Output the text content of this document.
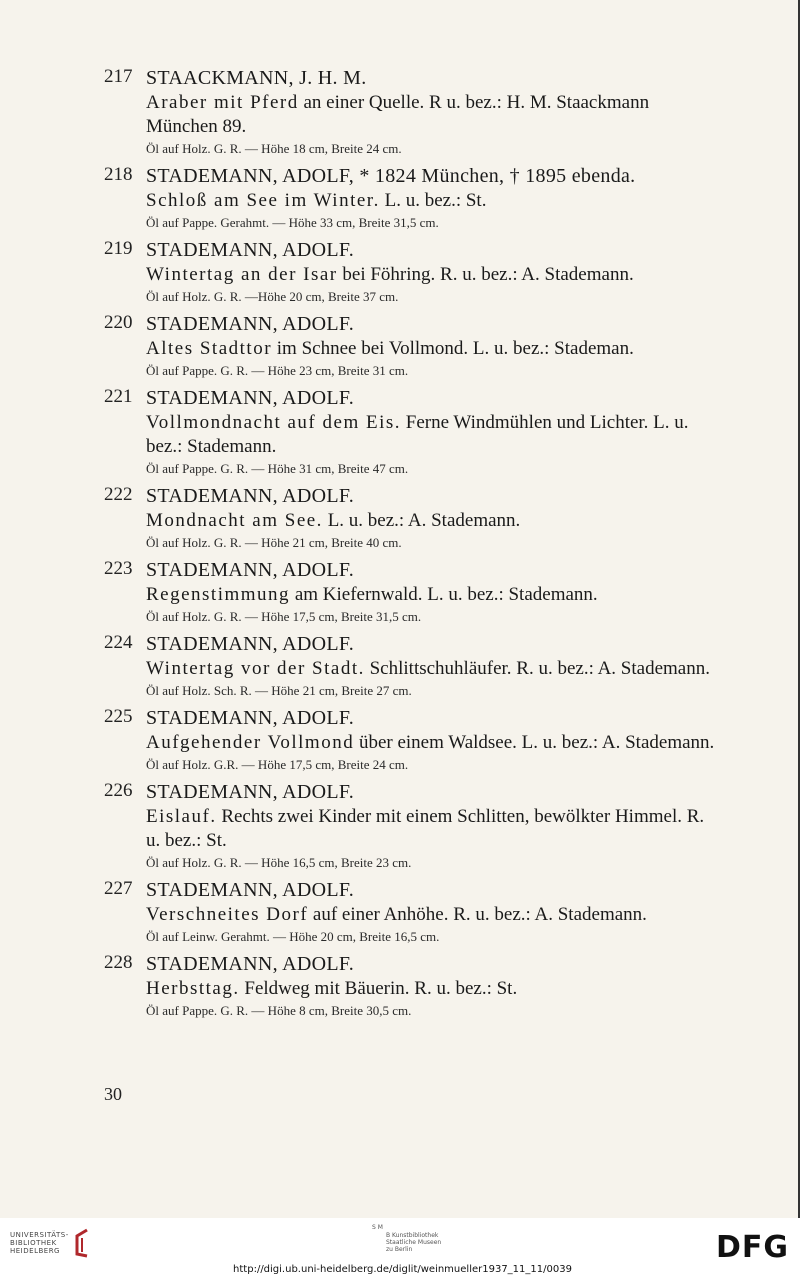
217 STAACKMANN, J. H. M.
Araber mit Pferd an einer Quelle. R u. bez.: H. M. Staackmann München 89.
Öl auf Holz. G. R. — Höhe 18 cm, Breite 24 cm.
218 STADEMANN, ADOLF, * 1824 München, † 1895 ebenda.
Schloß am See im Winter. L. u. bez.: St.
Öl auf Pappe. Gerahmt. — Höhe 33 cm, Breite 31,5 cm.
219 STADEMANN, ADOLF.
Wintertag an der Isar bei Föhring. R. u. bez.: A. Stademann.
Öl auf Holz. G. R. —Höhe 20 cm, Breite 37 cm.
220 STADEMANN, ADOLF.
Altes Stadttor im Schnee bei Vollmond. L. u. bez.: Stademan.
Öl auf Pappe. G. R. — Höhe 23 cm, Breite 31 cm.
221 STADEMANN, ADOLF.
Vollmondnacht auf dem Eis. Ferne Windmühlen und Lichter. L. u. bez.: Stademann.
Öl auf Pappe. G. R. — Höhe 31 cm, Breite 47 cm.
222 STADEMANN, ADOLF.
Mondnacht am See. L. u. bez.: A. Stademann.
Öl auf Holz. G. R. — Höhe 21 cm, Breite 40 cm.
223 STADEMANN, ADOLF.
Regenstimmung am Kiefernwald. L. u. bez.: Stademann.
Öl auf Holz. G. R. — Höhe 17,5 cm, Breite 31,5 cm.
224 STADEMANN, ADOLF.
Wintertag vor der Stadt. Schlittschuhläufer. R. u. bez.: A. Stademann.
Öl auf Holz. Sch. R. — Höhe 21 cm, Breite 27 cm.
225 STADEMANN, ADOLF.
Aufgehender Vollmond über einem Waldsee. L. u. bez.: A. Stademann.
Öl auf Holz. G.R. — Höhe 17,5 cm, Breite 24 cm.
226 STADEMANN, ADOLF.
Eislauf. Rechts zwei Kinder mit einem Schlitten, bewölkter Himmel. R. u. bez.: St.
Öl auf Holz. G. R. — Höhe 16,5 cm, Breite 23 cm.
227 STADEMANN, ADOLF.
Verschneites Dorf auf einer Anhöhe. R. u. bez.: A. Stademann.
Öl auf Leinw. Gerahmt. — Höhe 20 cm, Breite 16,5 cm.
228 STADEMANN, ADOLF.
Herbsttag. Feldweg mit Bäuerin. R. u. bez.: St.
Öl auf Pappe. G. R. — Höhe 8 cm, Breite 30,5 cm.
30
UNIVERSITÄTS-
BIBLIOTHEK
HEIDELBERG
S M
B Kunstbibliothek
Staatliche Museen
zu Berlin	DFG
http://digi.ub.uni-heidelberg.de/diglit/weinmueller1937_11_11/0039
